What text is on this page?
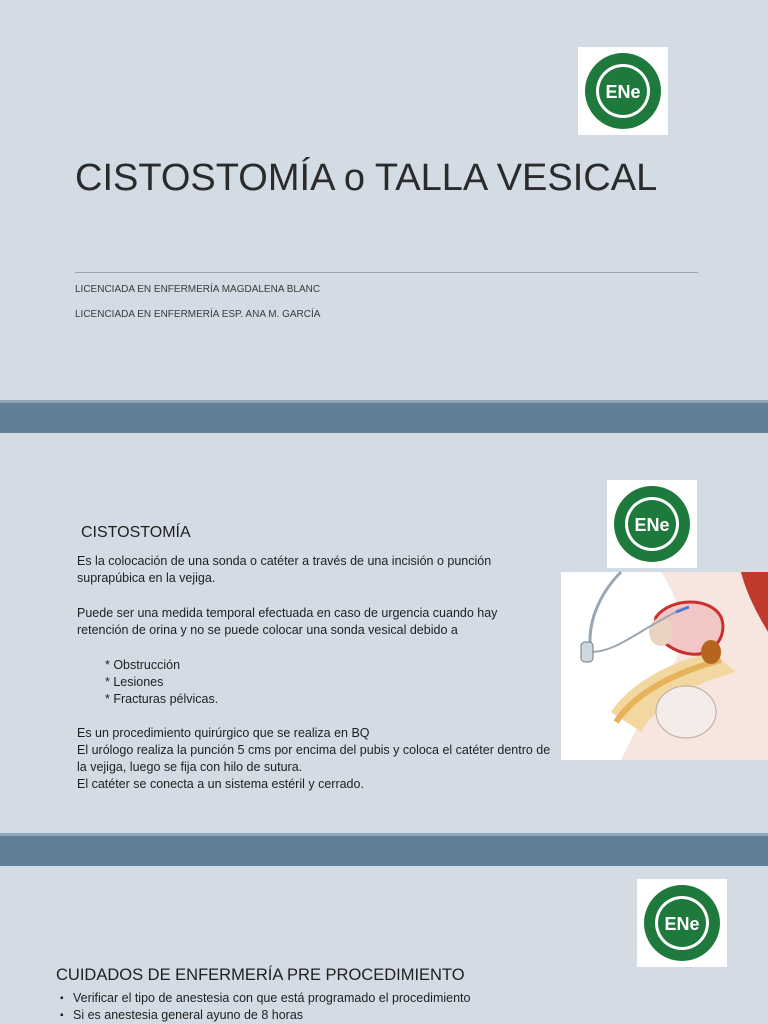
ENe
CISTOSTOMÍA o TALLA VESICAL
LICENCIADA EN ENFERMERÍA MAGDALENA BLANC
LICENCIADA EN ENFERMERÍA ESP. ANA M. GARCÍA
ENe
CISTOSTOMÍA

Es la colocación de una sonda o catéter a través de una incisión o punción suprapúbica en la vejiga.

Puede ser una medida temporal efectuada en caso de urgencia cuando hay retención de orina y no se puede colocar una sonda vesical debido a

* Obstrucción
* Lesiones
* Fracturas pélvicas.
Es un procedimiento quirúrgico que se realiza en BQ
El urólogo realiza la punción 5 cms por encima del pubis y coloca el catéter dentro de la vejiga, luego se fija con hilo de sutura.
El catéter se conecta a un sistema estéril y cerrado.
ENe
CUIDADOS DE ENFERMERÍA PRE PROCEDIMIENTO
▪ Verificar el tipo de anestesia con que está programado el procedimiento
▪ Si es anestesia general ayuno de 8 horas
